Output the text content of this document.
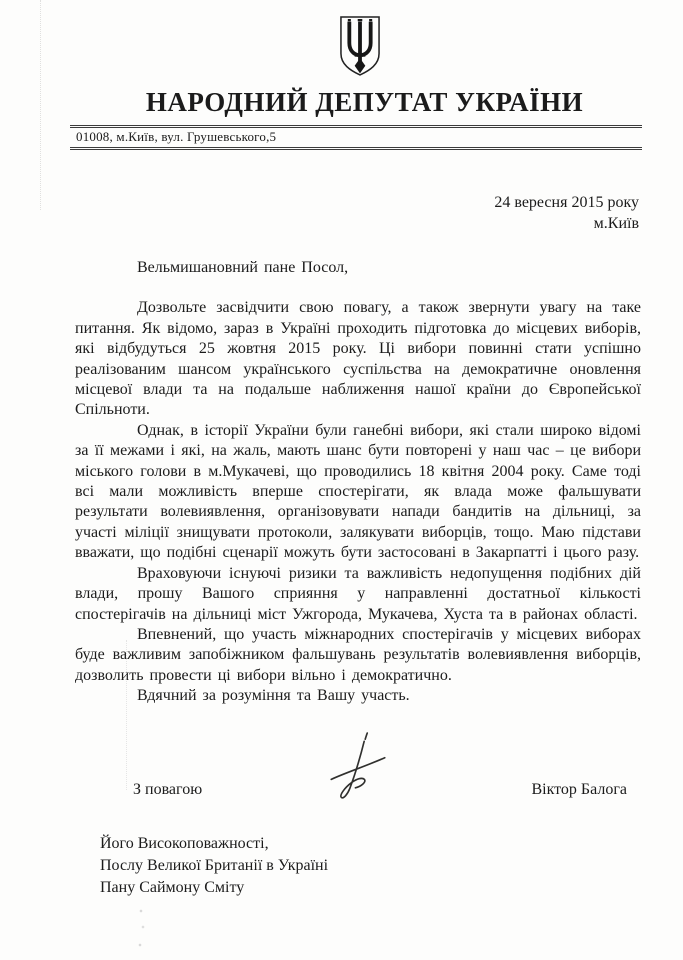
НАРОДНИЙ ДЕПУТАТ УКРАЇНИ
01008, м.Київ, вул. Грушевського,5
24 вересня 2015 року
м.Київ
Вельмишановний пане Посол,

Дозвольте засвідчити свою повагу, а також звернути увагу на таке питання. Як відомо, зараз в Україні проходить підготовка до місцевих виборів, які відбудуться 25 жовтня 2015 року. Ці вибори повинні стати успішно реалізованим шансом українського суспільства на демократичне оновлення місцевої влади та на подальше наближення нашої країни до Європейської Спільноти.

Однак, в історії України були ганебні вибори, які стали широко відомі за її межами і які, на жаль, мають шанс бути повторені у наш час – це вибори міського голови в м.Мукачеві, що проводились 18 квітня 2004 року. Саме тоді всі мали можливість вперше спостерігати, як влада може фальшувати результати волевиявлення, організовувати напади бандитів на дільниці, за участі міліції знищувати протоколи, залякувати виборців, тощо. Маю підстави вважати, що подібні сценарії можуть бути застосовані в Закарпатті і цього разу.

Враховуючи існуючі ризики та важливість недопущення подібних дій влади, прошу Вашого сприяння у направленні достатньої кількості спостерігачів на дільниці міст Ужгорода, Мукачева, Хуста та в районах області.

Впевнений, що участь міжнародних спостерігачів у місцевих виборах буде важливим запобіжником фальшувань результатів волевиявлення виборців, дозволить провести ці вибори вільно і демократично.

Вдячний за розуміння та Вашу участь.

З повагою	Віктор Балога
Його Високоповажності,
Послу Великої Британії в Україні
Пану Саймону Сміту
